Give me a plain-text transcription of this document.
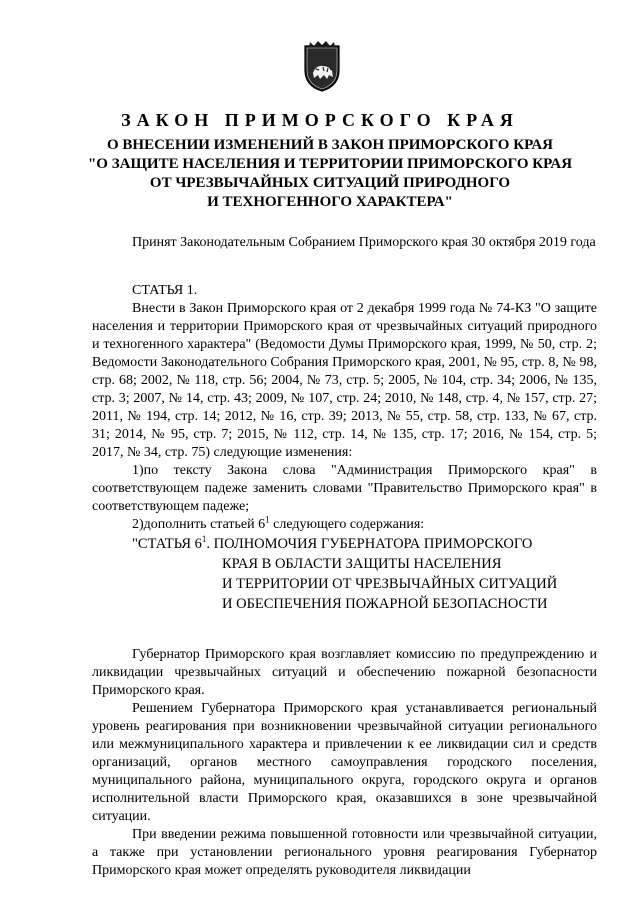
ЗАКОН ПРИМОРСКОГО КРАЯ
О ВНЕСЕНИИ ИЗМЕНЕНИЙ В ЗАКОН ПРИМОРСКОГО КРАЯ
"О ЗАЩИТЕ НАСЕЛЕНИЯ И ТЕРРИТОРИИ ПРИМОРСКОГО КРАЯ
ОТ ЧРЕЗВЫЧАЙНЫХ СИТУАЦИЙ ПРИРОДНОГО
И ТЕХНОГЕННОГО ХАРАКТЕРА"

Принят Законодательным Собранием Приморского края 30 октября 2019 года

СТАТЬЯ 1.

Внести в Закон Приморского края от 2 декабря 1999 года № 74-КЗ "О защите населения и территории Приморского края от чрезвычайных ситуаций природного и техногенного характера" (Ведомости Думы Приморского края, 1999, № 50, стр. 2; Ведомости Законодательного Собрания Приморского края, 2001, № 95, стр. 8, № 98, стр. 68; 2002, № 118, стр. 56; 2004, № 73, стр. 5; 2005, № 104, стр. 34; 2006, № 135, стр. 3; 2007, № 14, стр. 43; 2009, № 107, стр. 24; 2010, № 148, стр. 4, № 157, стр. 27; 2011, № 194, стр. 14; 2012, № 16, стр. 39; 2013, № 55, стр. 58, стр. 133, № 67, стр. 31; 2014, № 95, стр. 7; 2015, № 112, стр. 14, № 135, стр. 17; 2016, № 154, стр. 5; 2017, № 34, стр. 75) следующие изменения:

1)по тексту Закона слова "Администрация Приморского края" в соответствующем падеже заменить словами "Правительство Приморского края" в соответствующем падеже;

2)дополнить статьей $6^1$ следующего содержания:

"СТАТЬЯ $6^1$. ПОЛНОМОЧИЯ ГУБЕРНАТОРА ПРИМОРСКОГО
КРАЯ В ОБЛАСТИ ЗАЩИТЫ НАСЕЛЕНИЯ
И ТЕРРИТОРИИ ОТ ЧРЕЗВЫЧАЙНЫХ СИТУАЦИЙ
И ОБЕСПЕЧЕНИЯ ПОЖАРНОЙ БЕЗОПАСНОСТИ

Губернатор Приморского края возглавляет комиссию по предупреждению и ликвидации чрезвычайных ситуаций и обеспечению пожарной безопасности Приморского края.

Решением Губернатора Приморского края устанавливается региональный уровень реагирования при возникновении чрезвычайной ситуации регионального или межмуниципального характера и привлечении к ее ликвидации сил и средств организаций, органов местного самоуправления городского поселения, муниципального района, муниципального округа, городского округа и органов исполнительной власти Приморского края, оказавшихся в зоне чрезвычайной ситуации.

При введении режима повышенной готовности или чрезвычайной ситуации, а также при установлении регионального уровня реагирования Губернатор Приморского края может определять руководителя ликвидации
